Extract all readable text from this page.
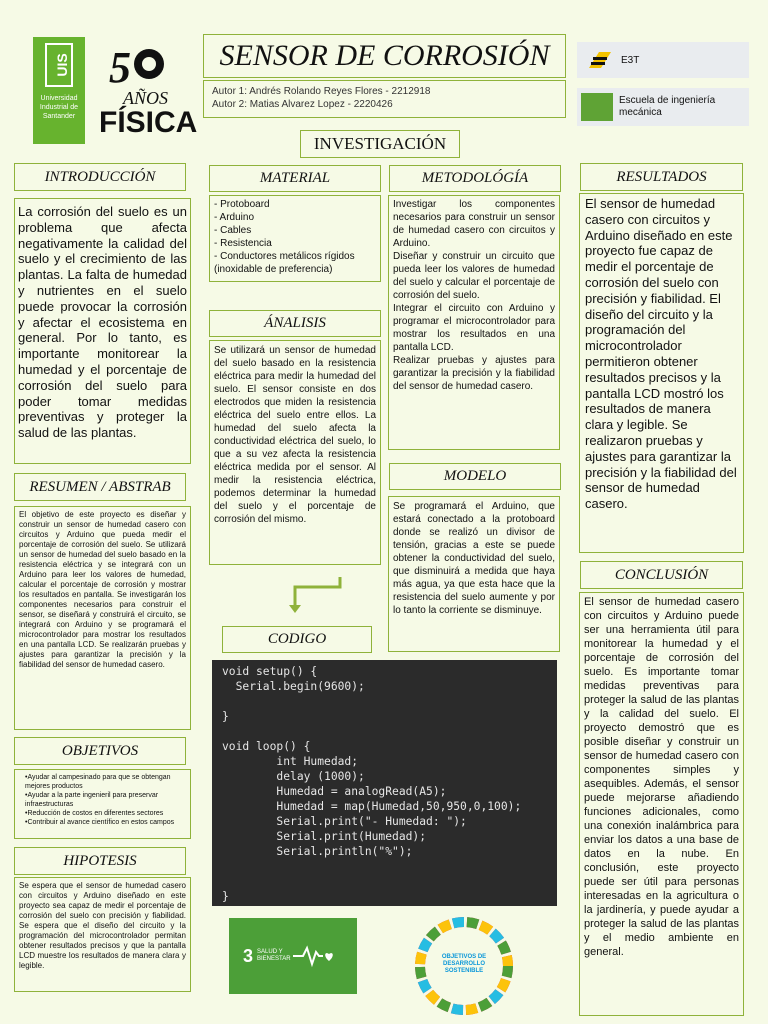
UIS
Universidad Industrial de Santander
5
AÑOS
FÍSICA
SENSOR DE CORROSIÓN
Autor 1: Andrés Rolando Reyes Flores - 2212918
Autor 2: Matias Alvarez Lopez - 2220426
E3T
Escuela de ingeniería mecánica
INTRODUCCIÓN

La corrosión del suelo es un problema que afecta negativamente la calidad del suelo y el crecimiento de las plantas. La falta de humedad y nutrientes en el suelo puede provocar la corrosión y afectar el ecosistema en general. Por lo tanto, es importante monitorear la humedad y el porcentaje de corrosión del suelo para poder tomar medidas preventivas y proteger la salud de las plantas.

RESUMEN / ABSTRAB

El objetivo de este proyecto es diseñar y construir un sensor de humedad casero con circuitos y Arduino que pueda medir el porcentaje de corrosión del suelo. Se utilizará un sensor de humedad del suelo basado en la resistencia eléctrica y se integrará con un Arduino para leer los valores de humedad, calcular el porcentaje de corrosión y mostrar los resultados en pantalla. Se investigarán los componentes necesarios para construir el sensor, se diseñará y construirá el circuito, se integrará con Arduino y se programará el microcontrolador para mostrar los resultados en una pantalla LCD. Se realizarán pruebas y ajustes para garantizar la precisión y la fiabilidad del sensor de humedad casero.

OBJETIVOS
•Ayudar al campesinado para que se obtengan mejores productos
•Ayudar a la parte ingenieril para preservar infraestructuras
•Reducción de costos en diferentes sectores
•Contribuir al avance científico en estos campos
HIPOTESIS

Se espera que el sensor de humedad casero con circuitos y Arduino diseñado en este proyecto sea capaz de medir el porcentaje de corrosión del suelo con precisión y fiabilidad. Se espera que el diseño del circuito y la programación del microcontrolador permitan obtener resultados precisos y que la pantalla LCD muestre los resultados de manera clara y legible.

INVESTIGACIÓN
MATERIAL
- Protoboard
- Arduino
- Cables
- Resistencia
- Conductores metálicos rígidos (inoxidable de preferencia)
ÁNALISIS

Se utilizará un sensor de humedad del suelo basado en la resistencia eléctrica para medir la humedad del suelo. El sensor consiste en dos electrodos que miden la resistencia eléctrica del suelo entre ellos. La humedad del suelo afecta la conductividad eléctrica del suelo, lo que a su vez afecta la resistencia eléctrica medida por el sensor. Al medir la resistencia eléctrica, podemos determinar la humedad del suelo y el porcentaje de corrosión del mismo.

CODIGO
void setup() {
Serial.begin(9600);

}

void loop() {
int Humedad;
delay (1000);
Humedad = analogRead(A5);
Humedad = map(Humedad,50,950,0,100);
Serial.print("- Humedad: ");
Serial.print(Humedad);
Serial.println("%");

}
3 SALUD Y BIENESTAR	OBJETIVOS DE DESARROLLO SOSTENIBLE
METODOLÓGÍA

Investigar los componentes necesarios para construir un sensor de humedad casero con circuitos y Arduino.
Diseñar y construir un circuito que pueda leer los valores de humedad del suelo y calcular el porcentaje de corrosión del suelo.
Integrar el circuito con Arduino y programar el microcontrolador para mostrar los resultados en una pantalla LCD.
Realizar pruebas y ajustes para garantizar la precisión y la fiabilidad del sensor de humedad casero.

MODELO

Se programará el Arduino, que estará conectado a la protoboard donde se realizó un divisor de tensión, gracias a este se puede obtener la conductividad del suelo, que disminuirá a medida que haya más agua, ya que esta hace que la resistencia del suelo aumente y por lo tanto la corriente se disminuye.

RESULTADOS

El sensor de humedad casero con circuitos y Arduino diseñado en este proyecto fue capaz de medir el porcentaje de corrosión del suelo con precisión y fiabilidad. El diseño del circuito y la programación del microcontrolador permitieron obtener resultados precisos y la pantalla LCD mostró los resultados de manera clara y legible. Se realizaron pruebas y ajustes para garantizar la precisión y la fiabilidad del sensor de humedad casero.

CONCLUSIÓN

El sensor de humedad casero con circuitos y Arduino puede ser una herramienta útil para monitorear la humedad y el porcentaje de corrosión del suelo. Es importante tomar medidas preventivas para proteger la salud de las plantas y la calidad del suelo. El proyecto demostró que es posible diseñar y construir un sensor de humedad casero con componentes simples y asequibles. Además, el sensor puede mejorarse añadiendo funciones adicionales, como una conexión inalámbrica para enviar los datos a una base de datos en la nube. En conclusión, este proyecto puede ser útil para personas interesadas en la agricultura o la jardinería, y puede ayudar a proteger la salud de las plantas y el medio ambiente en general.
